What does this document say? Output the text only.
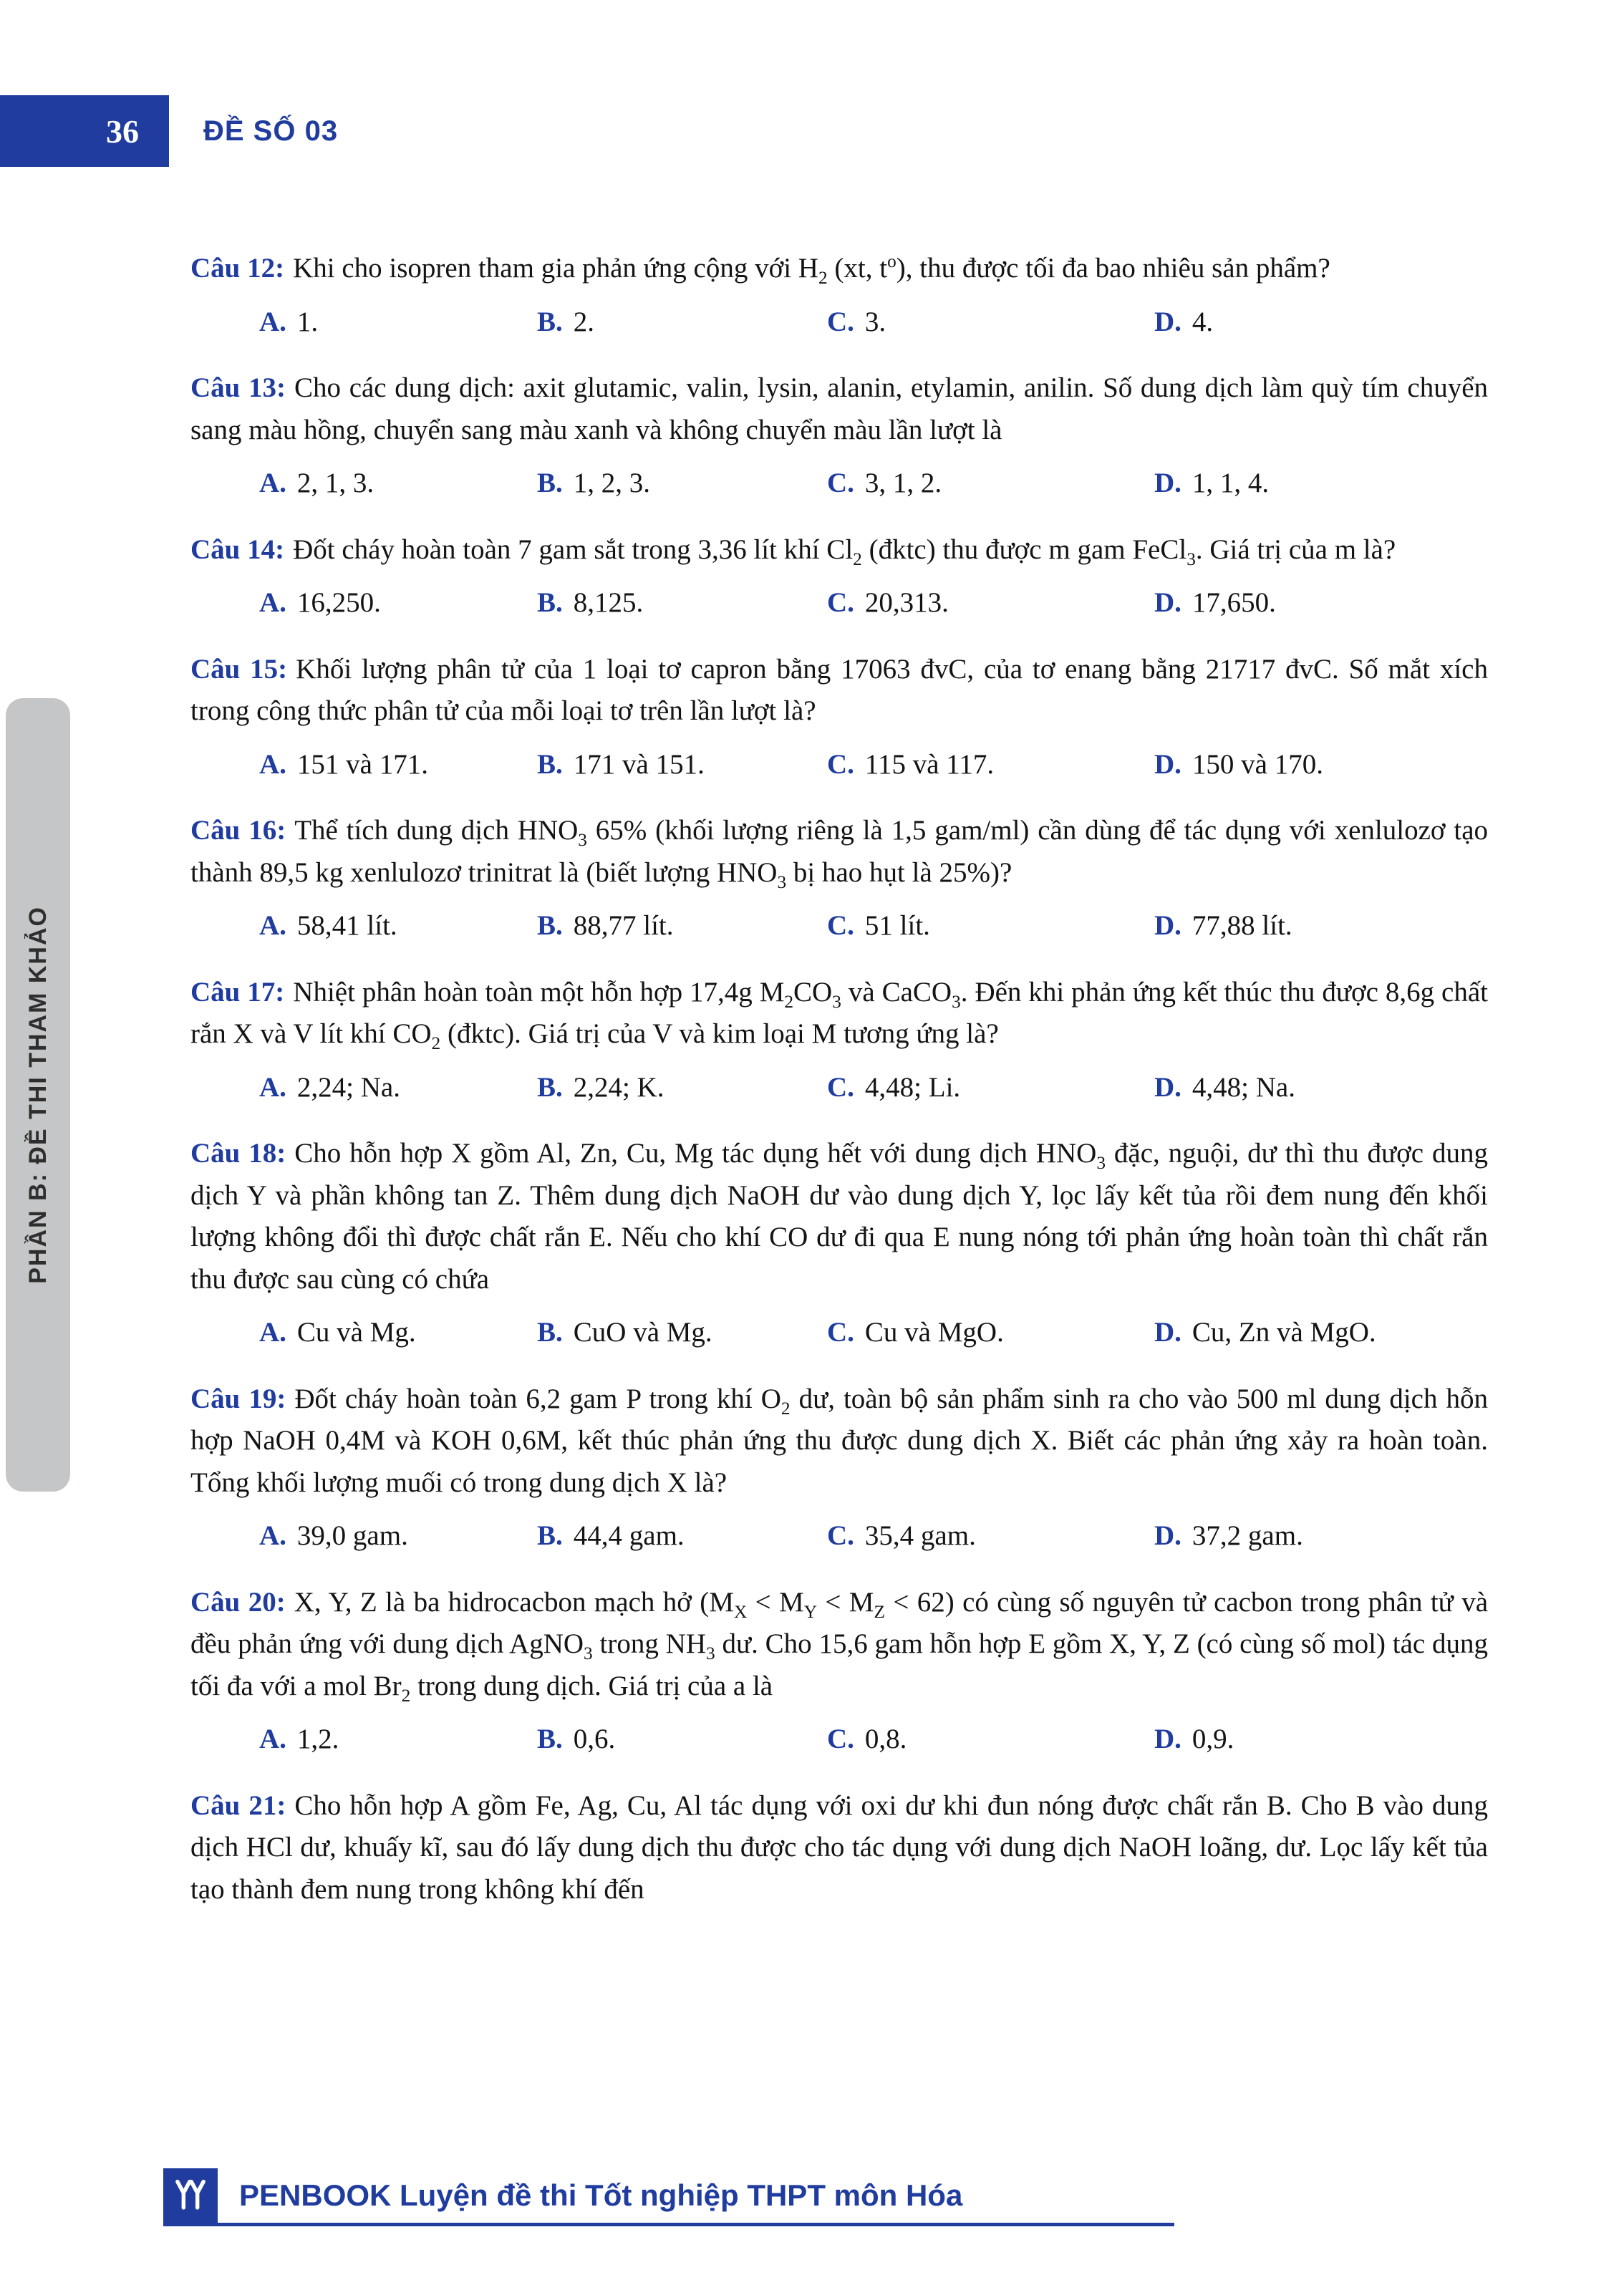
36 ĐỀ SỐ 03
PHẦN B: ĐỀ THI THAM KHẢO

Câu 12: Khi cho isopren tham gia phản ứng cộng với $H_2$ (xt, $t^o$), thu được tối đa bao nhiêu sản phẩm?

A. 1.	B. 2.	C. 3.	D. 4.

Câu 13: Cho các dung dịch: axit glutamic, valin, lysin, alanin, etylamin, anilin. Số dung dịch làm quỳ tím chuyển sang màu hồng, chuyển sang màu xanh và không chuyển màu lần lượt là

A. 2, 1, 3.	B. 1, 2, 3.	C. 3, 1, 2.	D. 1, 1, 4.

Câu 14: Đốt cháy hoàn toàn 7 gam sắt trong 3,36 lít khí $Cl_2$ (đktc) thu được m gam FeCl$_3$. Giá trị của m là?

A. 16,250.	B. 8,125.	C. 20,313.	D. 17,650.

Câu 15: Khối lượng phân tử của 1 loại tơ capron bằng 17063 đvC, của tơ enang bằng 21717 đvC. Số mắt xích trong công thức phân tử của mỗi loại tơ trên lần lượt là?

A. 151 và 171.	B. 171 và 151.	C. 115 và 117.	D. 150 và 170.

Câu 16: Thể tích dung dịch $HNO_3$ 65% (khối lượng riêng là 1,5 gam/ml) cần dùng để tác dụng với xenlulozơ tạo thành 89,5 kg xenlulozơ trinitrat là (biết lượng $HNO_3$ bị hao hụt là 25%)?

A. 58,41 lít.	B. 88,77 lít.	C. 51 lít.	D. 77,88 lít.

Câu 17: Nhiệt phân hoàn toàn một hỗn hợp 17,4g $M_2CO_3$ và CaCO$_3$. Đến khi phản ứng kết thúc thu được 8,6g chất rắn X và V lít khí $CO_2$ (đktc). Giá trị của V và kim loại M tương ứng là?

A. 2,24; Na.	B. 2,24; K.	C. 4,48; Li.	D. 4,48; Na.

Câu 18: Cho hỗn hợp X gồm Al, Zn, Cu, Mg tác dụng hết với dung dịch $HNO_3$ đặc, nguội, dư thì thu được dung dịch Y và phần không tan Z. Thêm dung dịch NaOH dư vào dung dịch Y, lọc lấy kết tủa rồi đem nung đến khối lượng không đổi thì được chất rắn E. Nếu cho khí CO dư đi qua E nung nóng tới phản ứng hoàn toàn thì chất rắn thu được sau cùng có chứa

A. Cu và Mg.	B. CuO và Mg.	C. Cu và MgO.	D. Cu, Zn và MgO.

Câu 19: Đốt cháy hoàn toàn 6,2 gam P trong khí $O_2$ dư, toàn bộ sản phẩm sinh ra cho vào 500 ml dung dịch hỗn hợp NaOH 0,4M và KOH 0,6M, kết thúc phản ứng thu được dung dịch X. Biết các phản ứng xảy ra hoàn toàn. Tổng khối lượng muối có trong dung dịch X là?

A. 39,0 gam.	B. 44,4 gam.	C. 35,4 gam.	D. 37,2 gam.

Câu 20: X, Y, Z là ba hidrocacbon mạch hở $(M_X < M_Y < M_Z < 62)$ có cùng số nguyên tử cacbon trong phân tử và đều phản ứng với dung dịch AgNO$_3$ trong $NH_3$ dư. Cho 15,6 gam hỗn hợp E gồm X, Y, Z (có cùng số mol) tác dụng tối đa với a mol $Br_2$ trong dung dịch. Giá trị của a là

A. 1,2.	B. 0,6.	C. 0,8.	D. 0,9.

Câu 21: Cho hỗn hợp A gồm Fe, Ag, Cu, Al tác dụng với oxi dư khi đun nóng được chất rắn B. Cho B vào dung dịch HCl dư, khuấy kĩ, sau đó lấy dung dịch thu được cho tác dụng với dung dịch NaOH loãng, dư. Lọc lấy kết tủa tạo thành đem nung trong không khí đến

PENBOOK Luyện đề thi Tốt nghiệp THPT môn Hóa
